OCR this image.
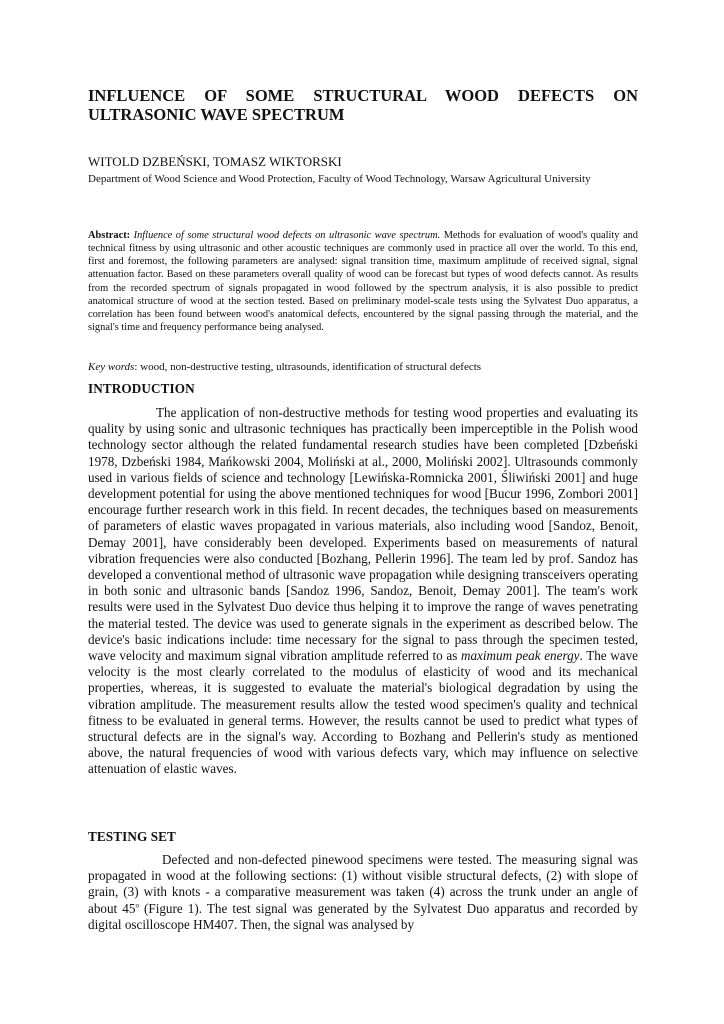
INFLUENCE OF SOME STRUCTURAL WOOD DEFECTS ON ULTRASONIC WAVE SPECTRUM

WITOLD DZBEŃSKI, TOMASZ WIKTORSKI

Department of Wood Science and Wood Protection, Faculty of Wood Technology, Warsaw Agricultural University

Abstract: Influence of some structural wood defects on ultrasonic wave spectrum. Methods for evaluation of wood's quality and technical fitness by using ultrasonic and other acoustic techniques are commonly used in practice all over the world. To this end, first and foremost, the following parameters are analysed: signal transition time, maximum amplitude of received signal, signal attenuation factor. Based on these parameters overall quality of wood can be forecast but types of wood defects cannot. As results from the recorded spectrum of signals propagated in wood followed by the spectrum analysis, it is also possible to predict anatomical structure of wood at the section tested. Based on preliminary model-scale tests using the Sylvatest Duo apparatus, a correlation has been found between wood's anatomical defects, encountered by the signal passing through the material, and the signal's time and frequency performance being analysed.

Key words: wood, non-destructive testing, ultrasounds, identification of structural defects

INTRODUCTION

The application of non-destructive methods for testing wood properties and evaluating its quality by using sonic and ultrasonic techniques has practically been imperceptible in the Polish wood technology sector although the related fundamental research studies have been completed [Dzbeński 1978, Dzbeński 1984, Mańkowski 2004, Moliński at al., 2000, Moliński 2002]. Ultrasounds commonly used in various fields of science and technology [Lewińska-Romnicka 2001, Śliwiński 2001] and huge development potential for using the above mentioned techniques for wood [Bucur 1996, Zombori 2001] encourage further research work in this field. In recent decades, the techniques based on measurements of parameters of elastic waves propagated in various materials, also including wood [Sandoz, Benoit, Demay 2001], have considerably been developed. Experiments based on measurements of natural vibration frequencies were also conducted [Bozhang, Pellerin 1996]. The team led by prof. Sandoz has developed a conventional method of ultrasonic wave propagation while designing transceivers operating in both sonic and ultrasonic bands [Sandoz 1996, Sandoz, Benoit, Demay 2001]. The team's work results were used in the Sylvatest Duo device thus helping it to improve the range of waves penetrating the material tested. The device was used to generate signals in the experiment as described below. The device's basic indications include: time necessary for the signal to pass through the specimen tested, wave velocity and maximum signal vibration amplitude referred to as maximum peak energy. The wave velocity is the most clearly correlated to the modulus of elasticity of wood and its mechanical properties, whereas, it is suggested to evaluate the material's biological degradation by using the vibration amplitude. The measurement results allow the tested wood specimen's quality and technical fitness to be evaluated in general terms. However, the results cannot be used to predict what types of structural defects are in the signal's way. According to Bozhang and Pellerin's study as mentioned above, the natural frequencies of wood with various defects vary, which may influence on selective attenuation of elastic waves.

TESTING SET

Defected and non-defected pinewood specimens were tested. The measuring signal was propagated in wood at the following sections: (1) without visible structural defects, (2) with slope of grain, (3) with knots - a comparative measurement was taken (4) across the trunk under an angle of about 45$^o$ (Figure 1). The test signal was generated by the Sylvatest Duo apparatus and recorded by digital oscilloscope HM407. Then, the signal was analysed by
